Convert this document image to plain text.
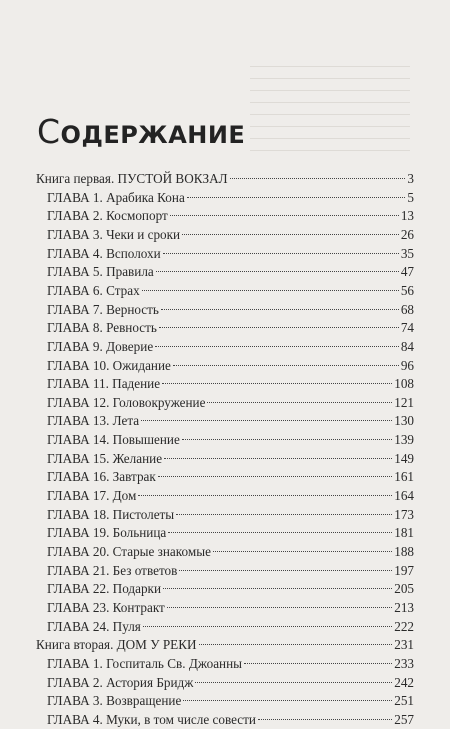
СОДЕРЖАНИЕ
Книга первая. ПУСТОЙ ВОКЗАЛ	3
ГЛАВА 1. Арабика Кона	5
ГЛАВА 2. Космопорт	13
ГЛАВА 3. Чеки и сроки	26
ГЛАВА 4. Всполохи	35
ГЛАВА 5. Правила	47
ГЛАВА 6. Страх	56
ГЛАВА 7. Верность	68
ГЛАВА 8. Ревность	74
ГЛАВА 9. Доверие	84
ГЛАВА 10. Ожидание	96
ГЛАВА 11. Падение	108
ГЛАВА 12. Головокружение	121
ГЛАВА 13. Лета	130
ГЛАВА 14. Повышение	139
ГЛАВА 15. Желание	149
ГЛАВА 16. Завтрак	161
ГЛАВА 17. Дом	164
ГЛАВА 18. Пистолеты	173
ГЛАВА 19. Больница	181
ГЛАВА 20. Старые знакомые	188
ГЛАВА 21. Без ответов	197
ГЛАВА 22. Подарки	205
ГЛАВА 23. Контракт	213
ГЛАВА 24. Пуля	222
Книга вторая. ДОМ У РЕКИ	231
ГЛАВА 1. Госпиталь Св. Джоанны	233
ГЛАВА 2. Астория Бридж	242
ГЛАВА 3. Возвращение	251
ГЛАВА 4. Муки, в том числе совести	257
